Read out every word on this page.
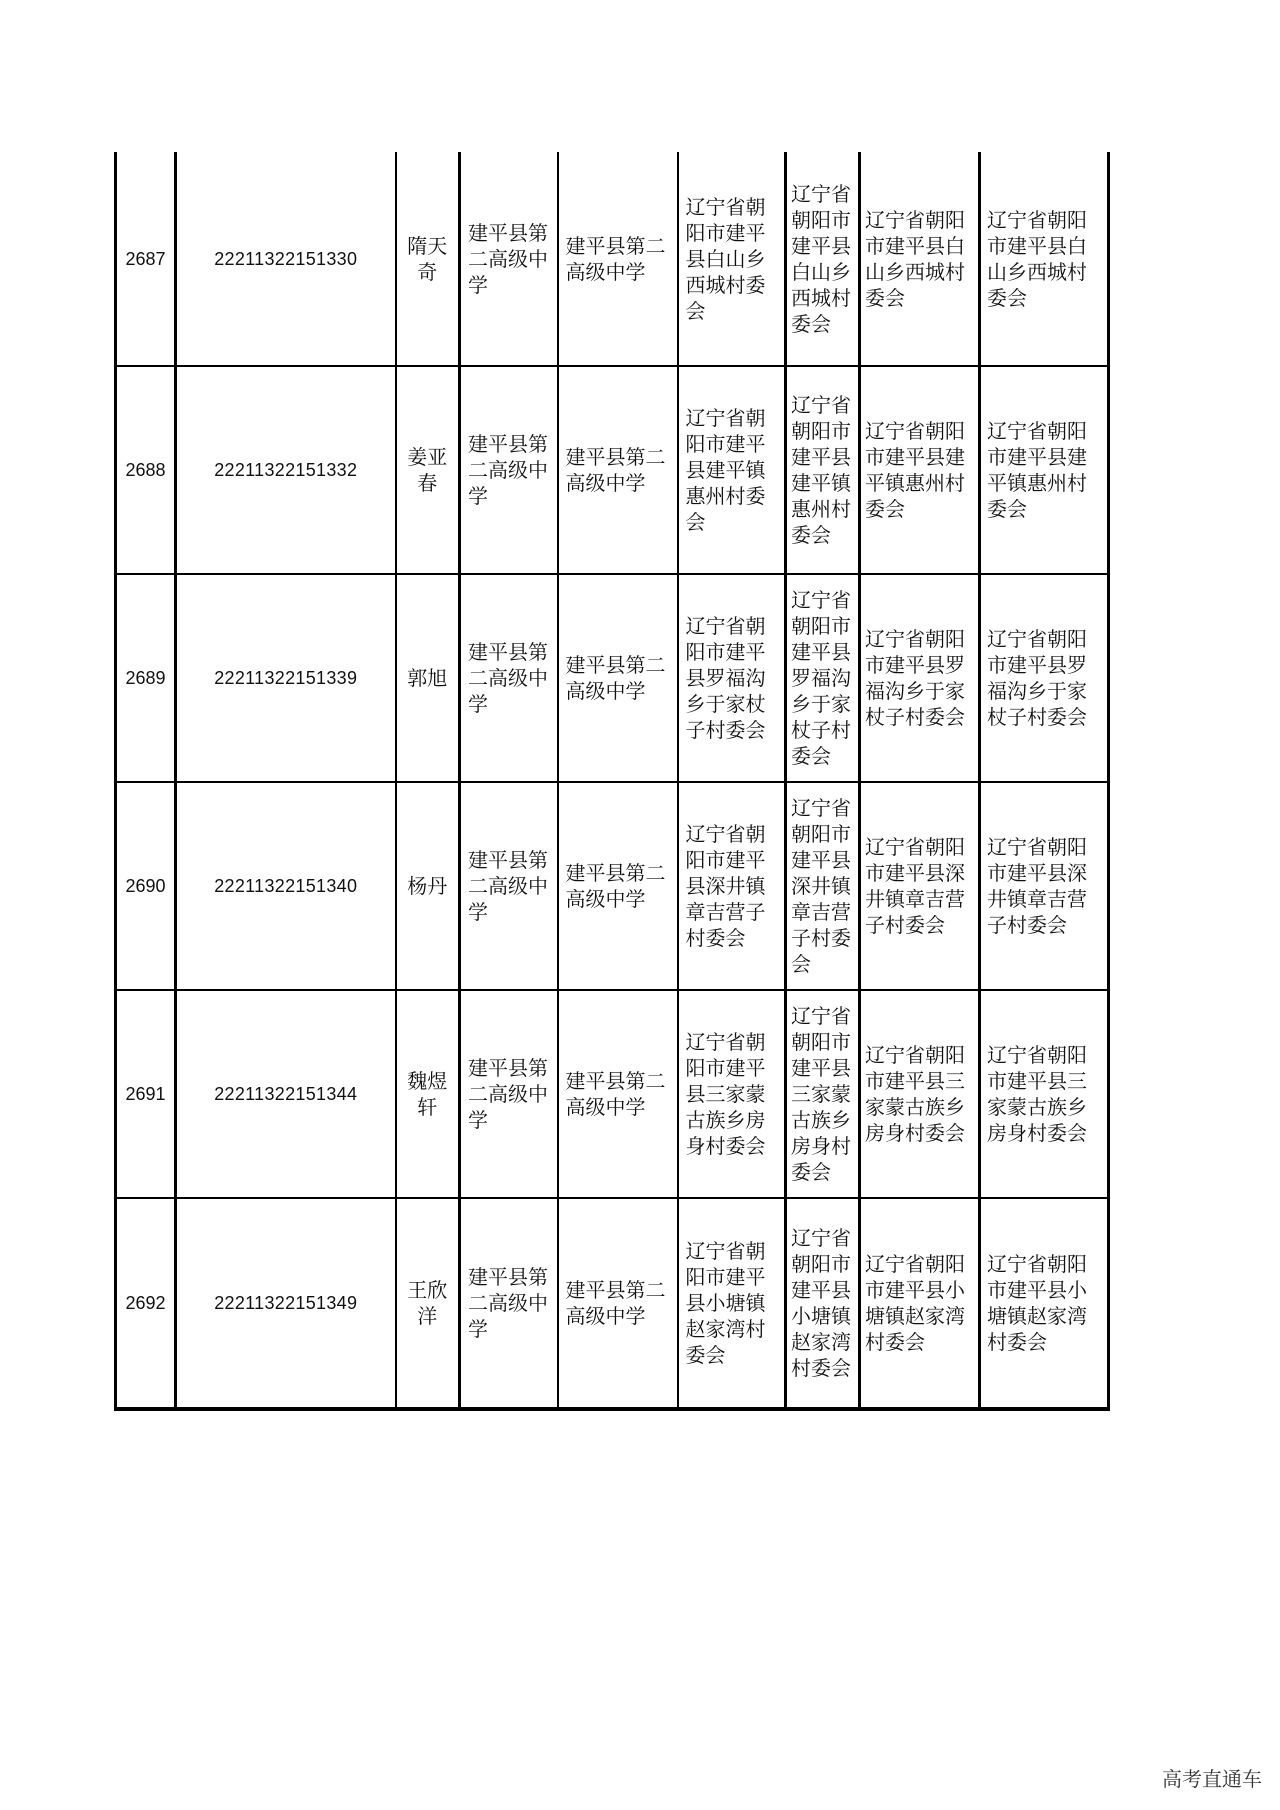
2687	22211322151330	隋天奇	建平县第二高级中学	建平县第二高级中学	辽宁省朝阳市建平县白山乡西城村委会	辽宁省朝阳市建平县白山乡西城村委会	辽宁省朝阳市建平县白山乡西城村委会	辽宁省朝阳市建平县白山乡西城村委会
2688	22211322151332	姜亚春	建平县第二高级中学	建平县第二高级中学	辽宁省朝阳市建平县建平镇惠州村委会	辽宁省朝阳市建平县建平镇惠州村委会	辽宁省朝阳市建平县建平镇惠州村委会	辽宁省朝阳市建平县建平镇惠州村委会
2689	22211322151339	郭旭	建平县第二高级中学	建平县第二高级中学	辽宁省朝阳市建平县罗福沟乡于家杖子村委会	辽宁省朝阳市建平县罗福沟乡于家杖子村委会	辽宁省朝阳市建平县罗福沟乡于家杖子村委会	辽宁省朝阳市建平县罗福沟乡于家杖子村委会
2690	22211322151340	杨丹	建平县第二高级中学	建平县第二高级中学	辽宁省朝阳市建平县深井镇章吉营子村委会	辽宁省朝阳市建平县深井镇章吉营子村委会	辽宁省朝阳市建平县深井镇章吉营子村委会	辽宁省朝阳市建平县深井镇章吉营子村委会
2691	22211322151344	魏煜轩	建平县第二高级中学	建平县第二高级中学	辽宁省朝阳市建平县三家蒙古族乡房身村委会	辽宁省朝阳市建平县三家蒙古族乡房身村委会	辽宁省朝阳市建平县三家蒙古族乡房身村委会	辽宁省朝阳市建平县三家蒙古族乡房身村委会
2692	22211322151349	王欣洋	建平县第二高级中学	建平县第二高级中学	辽宁省朝阳市建平县小塘镇赵家湾村委会	辽宁省朝阳市建平县小塘镇赵家湾村委会	辽宁省朝阳市建平县小塘镇赵家湾村委会	辽宁省朝阳市建平县小塘镇赵家湾村委会
高考直通车
